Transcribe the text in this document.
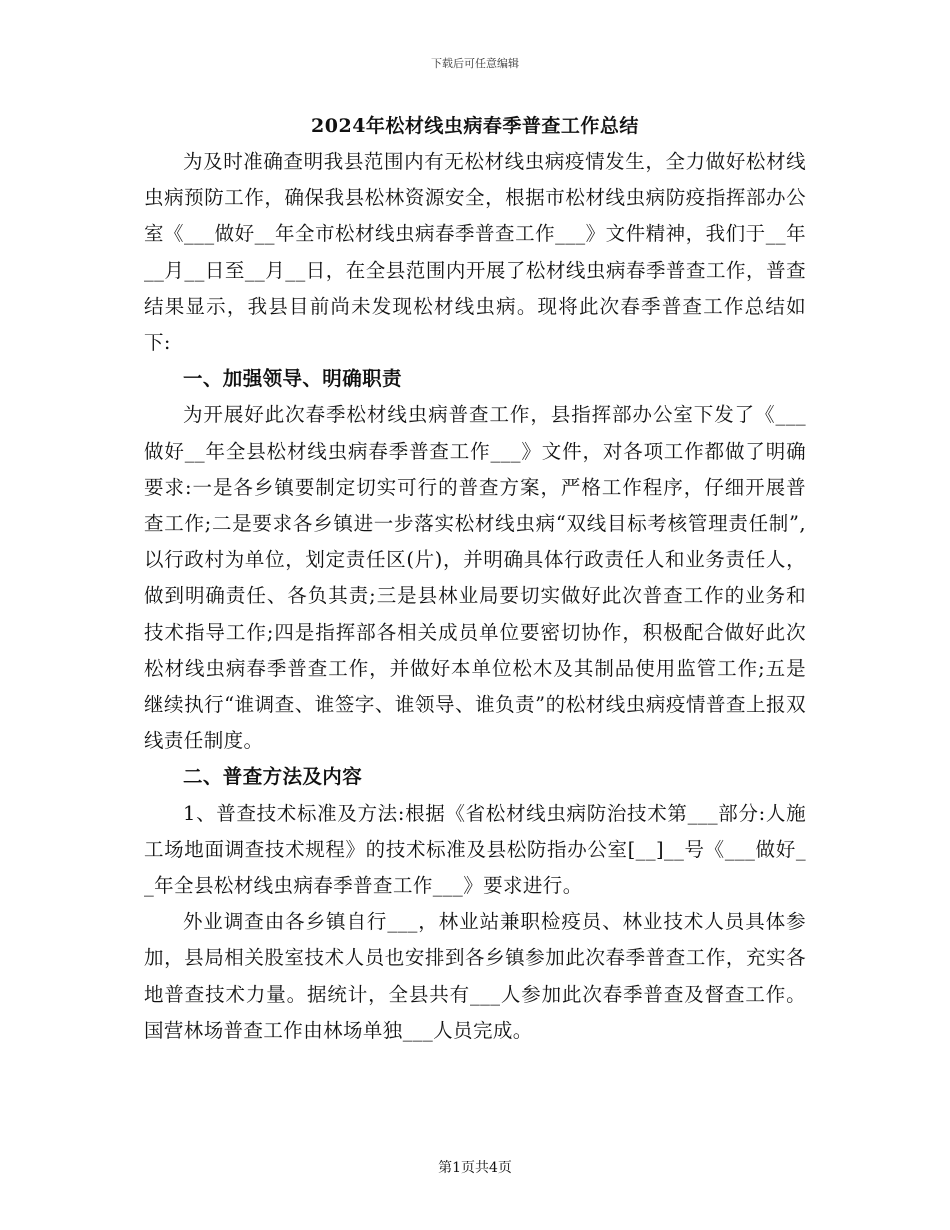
下载后可任意编辑
2024年松材线虫病春季普查工作总结

为及时准确查明我县范围内有无松材线虫病疫情发生，全力做好松材线虫病预防工作，确保我县松林资源安全，根据市松材线虫病防疫指挥部办公室《___做好__年全市松材线虫病春季普查工作___》文件精神，我们于__年__月__日至__月__日，在全县范围内开展了松材线虫病春季普查工作，普查结果显示，我县目前尚未发现松材线虫病。现将此次春季普查工作总结如下:

一、加强领导、明确职责

为开展好此次春季松材线虫病普查工作，县指挥部办公室下发了《___做好__年全县松材线虫病春季普查工作___》文件，对各项工作都做了明确要求:一是各乡镇要制定切实可行的普查方案，严格工作程序，仔细开展普查工作;二是要求各乡镇进一步落实松材线虫病“双线目标考核管理责任制”,以行政村为单位，划定责任区(片)，并明确具体行政责任人和业务责任人，做到明确责任、各负其责;三是县林业局要切实做好此次普查工作的业务和技术指导工作;四是指挥部各相关成员单位要密切协作，积极配合做好此次松材线虫病春季普查工作，并做好本单位松木及其制品使用监管工作;五是继续执行“谁调查、谁签字、谁领导、谁负责”的松材线虫病疫情普查上报双线责任制度。

二、普查方法及内容

1、普查技术标准及方法:根据《省松材线虫病防治技术第___部分:人施工场地面调查技术规程》的技术标准及县松防指办公室[__]__号《___做好__年全县松材线虫病春季普查工作___》要求进行。

外业调查由各乡镇自行___，林业站兼职检疫员、林业技术人员具体参加，县局相关股室技术人员也安排到各乡镇参加此次春季普查工作，充实各地普查技术力量。据统计，全县共有___人参加此次春季普查及督查工作。国营林场普查工作由林场单独___人员完成。

第1页共4页
